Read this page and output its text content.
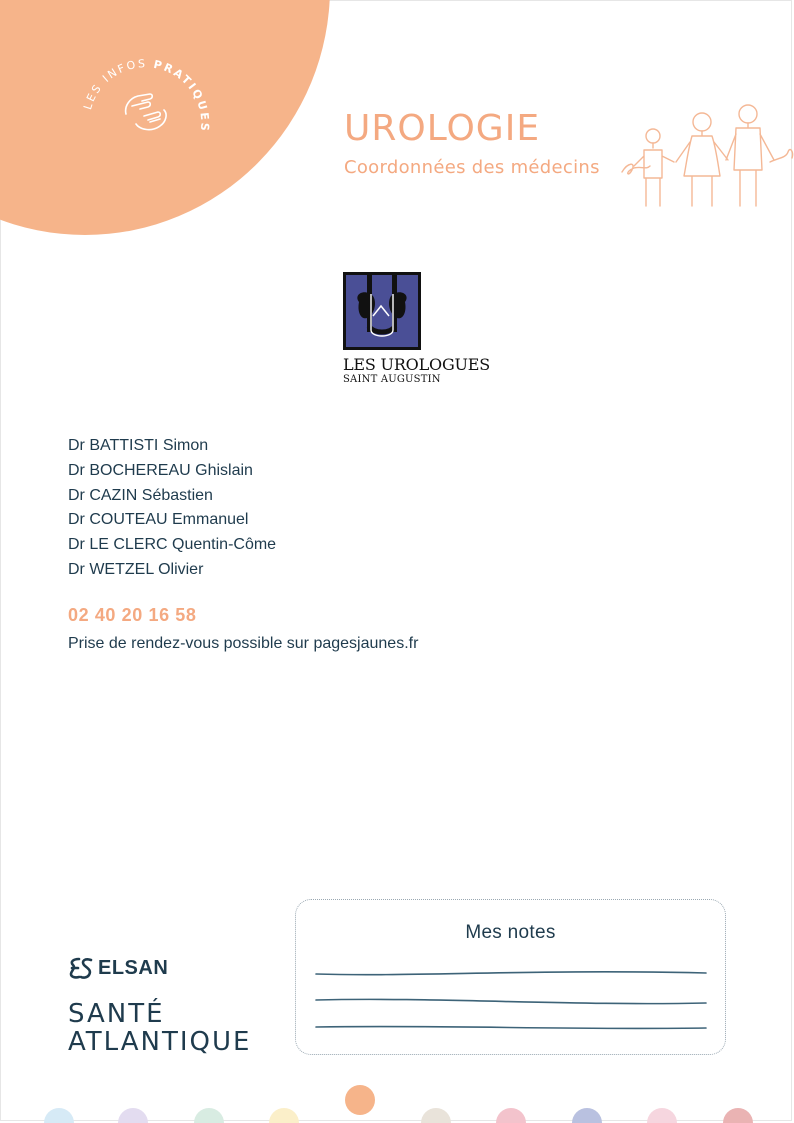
LES INFOS PRATIQUES	UROLOGIE
Coordonnées des médecins
LES UROLOGUES
SAINT AUGUSTIN
Dr BATTISTI Simon
Dr BOCHEREAU Ghislain
Dr CAZIN Sébastien
Dr COUTEAU Emmanuel
Dr LE CLERC Quentin-Côme
Dr WETZEL Olivier
02 40 20 16 58
Prise de rendez-vous possible sur pagesjaunes.fr
ELSAN
SANTÉ
ATLANTIQUE
Mes notes
